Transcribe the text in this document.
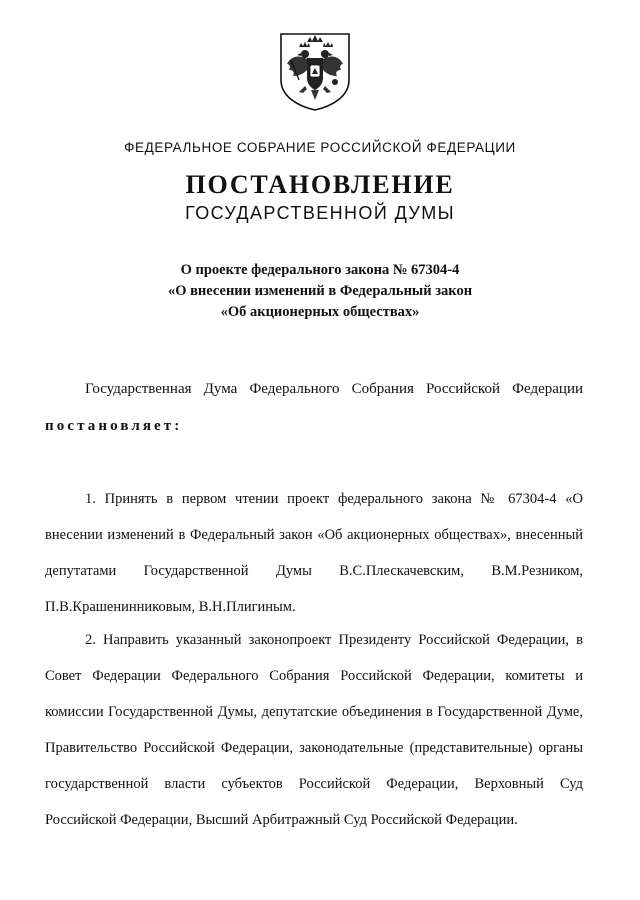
ФЕДЕРАЛЬНОЕ СОБРАНИЕ РОССИЙСКОЙ ФЕДЕРАЦИИ
ПОСТАНОВЛЕНИЕ
ГОСУДАРСТВЕННОЙ ДУМЫ
О проекте федерального закона № 67304-4
«О внесении изменений в Федеральный закон
«Об акционерных обществах»
Государственная Дума Федерального Собрания Российской Федерации
постановляет:
1. Принять в первом чтении проект федерального закона № 67304-4 «О внесении изменений в Федеральный закон «Об акционерных обществах», внесенный депутатами Государственной Думы В.С.Плескачевским, В.М.Резником, П.В.Крашенинниковым, В.Н.Плигиным.
2. Направить указанный законопроект Президенту Российской Федерации, в Совет Федерации Федерального Собрания Российской Федерации, комитеты и комиссии Государственной Думы, депутатские объединения в Государственной Думе, Правительство Российской Федерации, законодательные (представительные) органы государственной власти субъектов Российской Федерации, Верховный Суд Российской Федерации, Высший Арбитражный Суд Российской Федерации.
